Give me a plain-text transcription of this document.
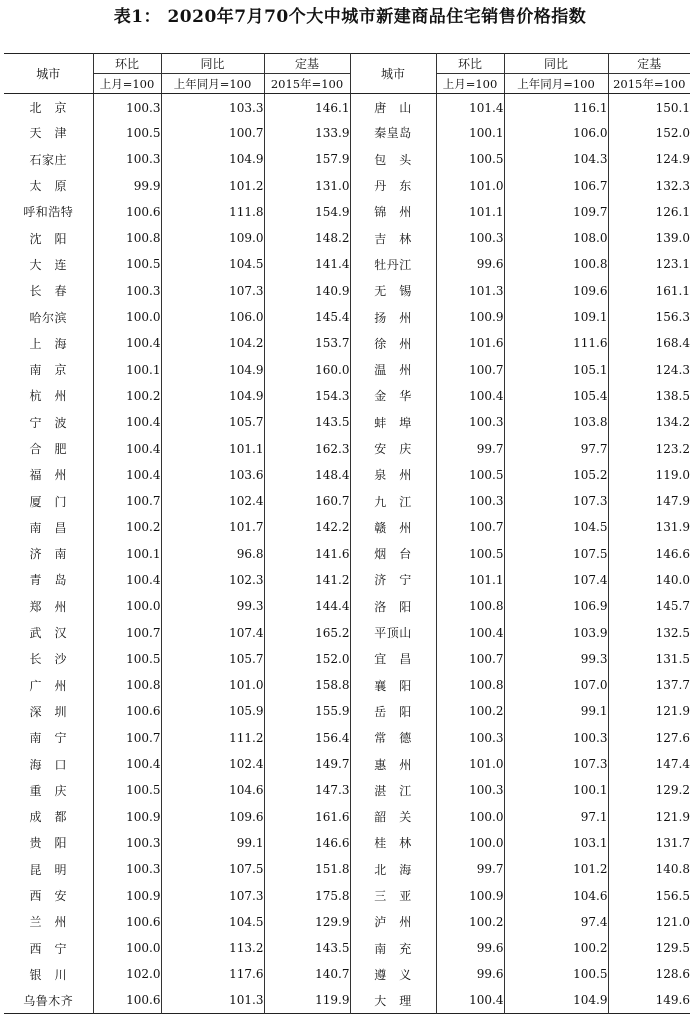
表1： 2020年7月70个大中城市新建商品住宅销售价格指数
城市	环比	同比	定基	城市	环比	同比	定基
	上月=100	上年同月=100	2015年=100		上月=100	上年同月=100	2015年=100
北　京	100.3	103.3	146.1	唐　山	101.4	116.1	150.1
天　津	100.5	100.7	133.9	秦皇岛	100.1	106.0	152.0
石家庄	100.3	104.9	157.9	包　头	100.5	104.3	124.9
太　原	99.9	101.2	131.0	丹　东	101.0	106.7	132.3
呼和浩特	100.6	111.8	154.9	锦　州	101.1	109.7	126.1
沈　阳	100.8	109.0	148.2	吉　林	100.3	108.0	139.0
大　连	100.5	104.5	141.4	牡丹江	99.6	100.8	123.1
长　春	100.3	107.3	140.9	无　锡	101.3	109.6	161.1
哈尔滨	100.0	106.0	145.4	扬　州	100.9	109.1	156.3
上　海	100.4	104.2	153.7	徐　州	101.6	111.6	168.4
南　京	100.1	104.9	160.0	温　州	100.7	105.1	124.3
杭　州	100.2	104.9	154.3	金　华	100.4	105.4	138.5
宁　波	100.4	105.7	143.5	蚌　埠	100.3	103.8	134.2
合　肥	100.4	101.1	162.3	安　庆	99.7	97.7	123.2
福　州	100.4	103.6	148.4	泉　州	100.5	105.2	119.0
厦　门	100.7	102.4	160.7	九　江	100.3	107.3	147.9
南　昌	100.2	101.7	142.2	赣　州	100.7	104.5	131.9
济　南	100.1	96.8	141.6	烟　台	100.5	107.5	146.6
青　岛	100.4	102.3	141.2	济　宁	101.1	107.4	140.0
郑　州	100.0	99.3	144.4	洛　阳	100.8	106.9	145.7
武　汉	100.7	107.4	165.2	平顶山	100.4	103.9	132.5
长　沙	100.5	105.7	152.0	宜　昌	100.7	99.3	131.5
广　州	100.8	101.0	158.8	襄　阳	100.8	107.0	137.7
深　圳	100.6	105.9	155.9	岳　阳	100.2	99.1	121.9
南　宁	100.7	111.2	156.4	常　德	100.3	100.3	127.6
海　口	100.4	102.4	149.7	惠　州	101.0	107.3	147.4
重　庆	100.5	104.6	147.3	湛　江	100.3	100.1	129.2
成　都	100.9	109.6	161.6	韶　关	100.0	97.1	121.9
贵　阳	100.3	99.1	146.6	桂　林	100.0	103.1	131.7
昆　明	100.3	107.5	151.8	北　海	99.7	101.2	140.8
西　安	100.9	107.3	175.8	三　亚	100.9	104.6	156.5
兰　州	100.6	104.5	129.9	泸　州	100.2	97.4	121.0
西　宁	100.0	113.2	143.5	南　充	99.6	100.2	129.5
银　川	102.0	117.6	140.7	遵　义	99.6	100.5	128.6
乌鲁木齐	100.6	101.3	119.9	大　理	100.4	104.9	149.6
